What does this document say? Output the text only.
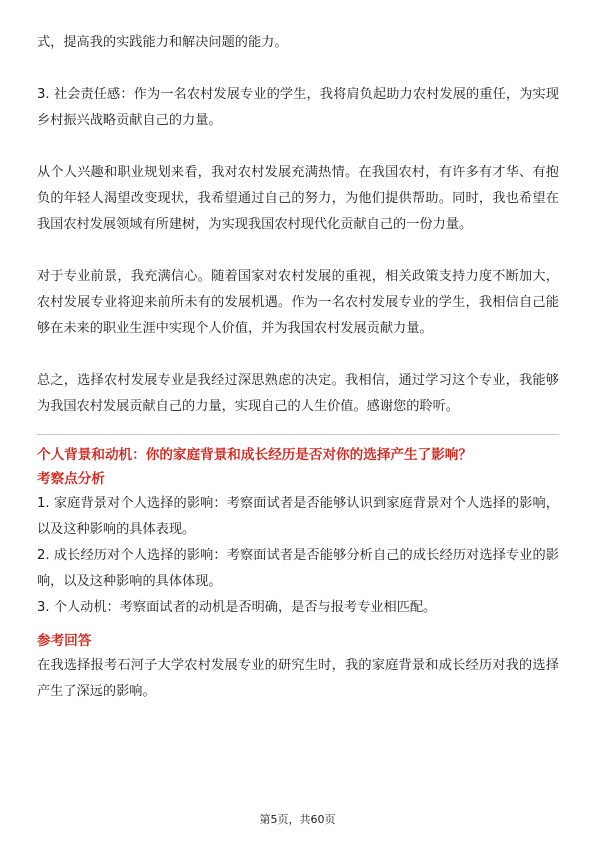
式，提高我的实践能力和解决问题的能力。

3. 社会责任感：作为一名农村发展专业的学生，我将肩负起助力农村发展的重任，为实现乡村振兴战略贡献自己的力量。

从个人兴趣和职业规划来看，我对农村发展充满热情。在我国农村，有许多有才华、有抱负的年轻人渴望改变现状，我希望通过自己的努力，为他们提供帮助。同时，我也希望在我国农村发展领域有所建树，为实现我国农村现代化贡献自己的一份力量。

对于专业前景，我充满信心。随着国家对农村发展的重视，相关政策支持力度不断加大，农村发展专业将迎来前所未有的发展机遇。作为一名农村发展专业的学生，我相信自己能够在未来的职业生涯中实现个人价值，并为我国农村发展贡献力量。

总之，选择农村发展专业是我经过深思熟虑的决定。我相信，通过学习这个专业，我能够为我国农村发展贡献自己的力量，实现自己的人生价值。感谢您的聆听。

个人背景和动机：你的家庭背景和成长经历是否对你的选择产生了影响？

考察点分析

1. 家庭背景对个人选择的影响：考察面试者是否能够认识到家庭背景对个人选择的影响，以及这种影响的具体表现。

2. 成长经历对个人选择的影响：考察面试者是否能够分析自己的成长经历对选择专业的影响，以及这种影响的具体体现。

3. 个人动机：考察面试者的动机是否明确，是否与报考专业相匹配。

参考回答

在我选择报考石河子大学农村发展专业的研究生时，我的家庭背景和成长经历对我的选择产生了深远的影响。

第5页，共60页
